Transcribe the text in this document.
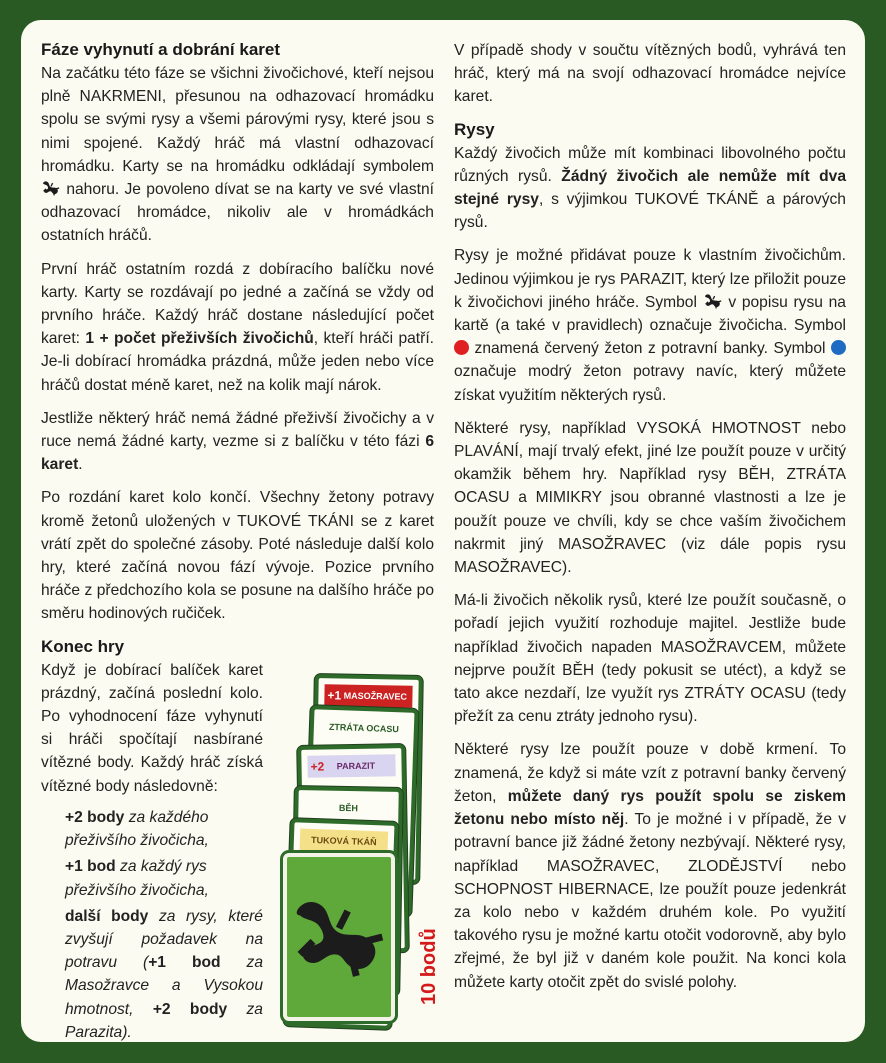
Fáze vyhynutí a dobrání karet

Na začátku této fáze se všichni živočichové, kteří nejsou plně NAKRMENI, přesunou na odhazovací hromádku spolu se svými rysy a všemi párovými rysy, které jsou s nimi spojené. Každý hráč má vlastní odhazovací hromádku. Karty se na hromádku odkládají symbolem  nahoru. Je povoleno dívat se na karty ve své vlastní odhazovací hromádce, nikoliv ale v hromádkách ostatních hráčů.

První hráč ostatním rozdá z dobíracího balíčku nové karty. Karty se rozdávají po jedné a začíná se vždy od prvního hráče. Každý hráč dostane následující počet karet: 1 + počet přeživších živočichů, kteří hráči patří. Je-li dobírací hromádka prázdná, může jeden nebo více hráčů dostat méně karet, než na kolik mají nárok.

Jestliže některý hráč nemá žádné přeživší živočichy a v ruce nemá žádné karty, vezme si z balíčku v této fázi 6 karet.

Po rozdání karet kolo končí. Všechny žetony potravy kromě žetonů uložených v TUKOVÉ TKÁNI se z karet vrátí zpět do společné zásoby. Poté následuje další kolo hry, které začíná novou fází vývoje. Pozice prvního hráče z předchozího kola se posune na dalšího hráče po směru hodinových ručiček.

Konec hry
Když je dobírací balíček karet prázdný, začíná poslední kolo. Po vyhodnocení fáze vyhynutí si hráči spočítají nasbírané vítězné body. Každý hráč získá vítězné body následovně:

+2 body za každého přeživšího živočicha,

+1 bod za každý rys přeživšího živočicha,

další body za rysy, které zvyšují požadavek na potravu (+1 bod za Masožravce a Vysokou hmotnost, +2 body za Parazita).

+1
MASOŽRAVEC
ZTRÁTA OCASU
+2
PARAZIT
BĚH
TUKOVÁ TKÁŇ
10 bodů

V případě shody v součtu vítězných bodů, vyhrává ten hráč, který má na svojí odhazovací hromádce nejvíce karet.

Rysy

Každý živočich může mít kombinaci libovolného počtu různých rysů. Žádný živočich ale nemůže mít dva stejné rysy, s výjimkou TUKOVÉ TKÁNĚ a párových rysů.

Rysy je možné přidávat pouze k vlastním živočichům. Jedinou výjimkou je rys PARAZIT, který lze přiložit pouze k živočichovi jiného hráče. Symbol v popisu rysu na kartě (a také v pravidlech) označuje živočicha. Symbol  znamená červený žeton z potravní banky. Symbol  označuje modrý žeton potravy navíc, který můžete získat využitím některých rysů.

Některé rysy, například VYSOKÁ HMOTNOST nebo PLAVÁNÍ, mají trvalý efekt, jiné lze použít pouze v určitý okamžik během hry. Například rysy BĚH, ZTRÁTA OCASU a MIMIKRY jsou obranné vlastnosti a lze je použít pouze ve chvíli, kdy se chce vaším živočichem nakrmit jiný MASOŽRAVEC (viz dále popis rysu MASOŽRAVEC).

Má-li živočich několik rysů, které lze použít současně, o pořadí jejich využití rozhoduje majitel. Jestliže bude například živočich napaden MASOŽRAVCEM, můžete nejprve použít BĚH (tedy pokusit se utéct), a když se tato akce nezdaří, lze využít rys ZTRÁTY OCASU (tedy přežít za cenu ztráty jednoho rysu).

Některé rysy lze použít pouze v době krmení. To znamená, že když si máte vzít z potravní banky červený žeton, můžete daný rys použít spolu se ziskem žetonu nebo místo něj. To je možné i v případě, že v potravní bance již žádné žetony nezbývají. Některé rysy, například MASOŽRAVEC, ZLODĚJSTVÍ nebo SCHOPNOST HIBERNACE, lze použít pouze jedenkrát za kolo nebo v každém druhém kole. Po využití takového rysu je možné kartu otočit vodorovně, aby bylo zřejmé, že byl již v daném kole použit. Na konci kola můžete karty otočit zpět do svislé polohy.
